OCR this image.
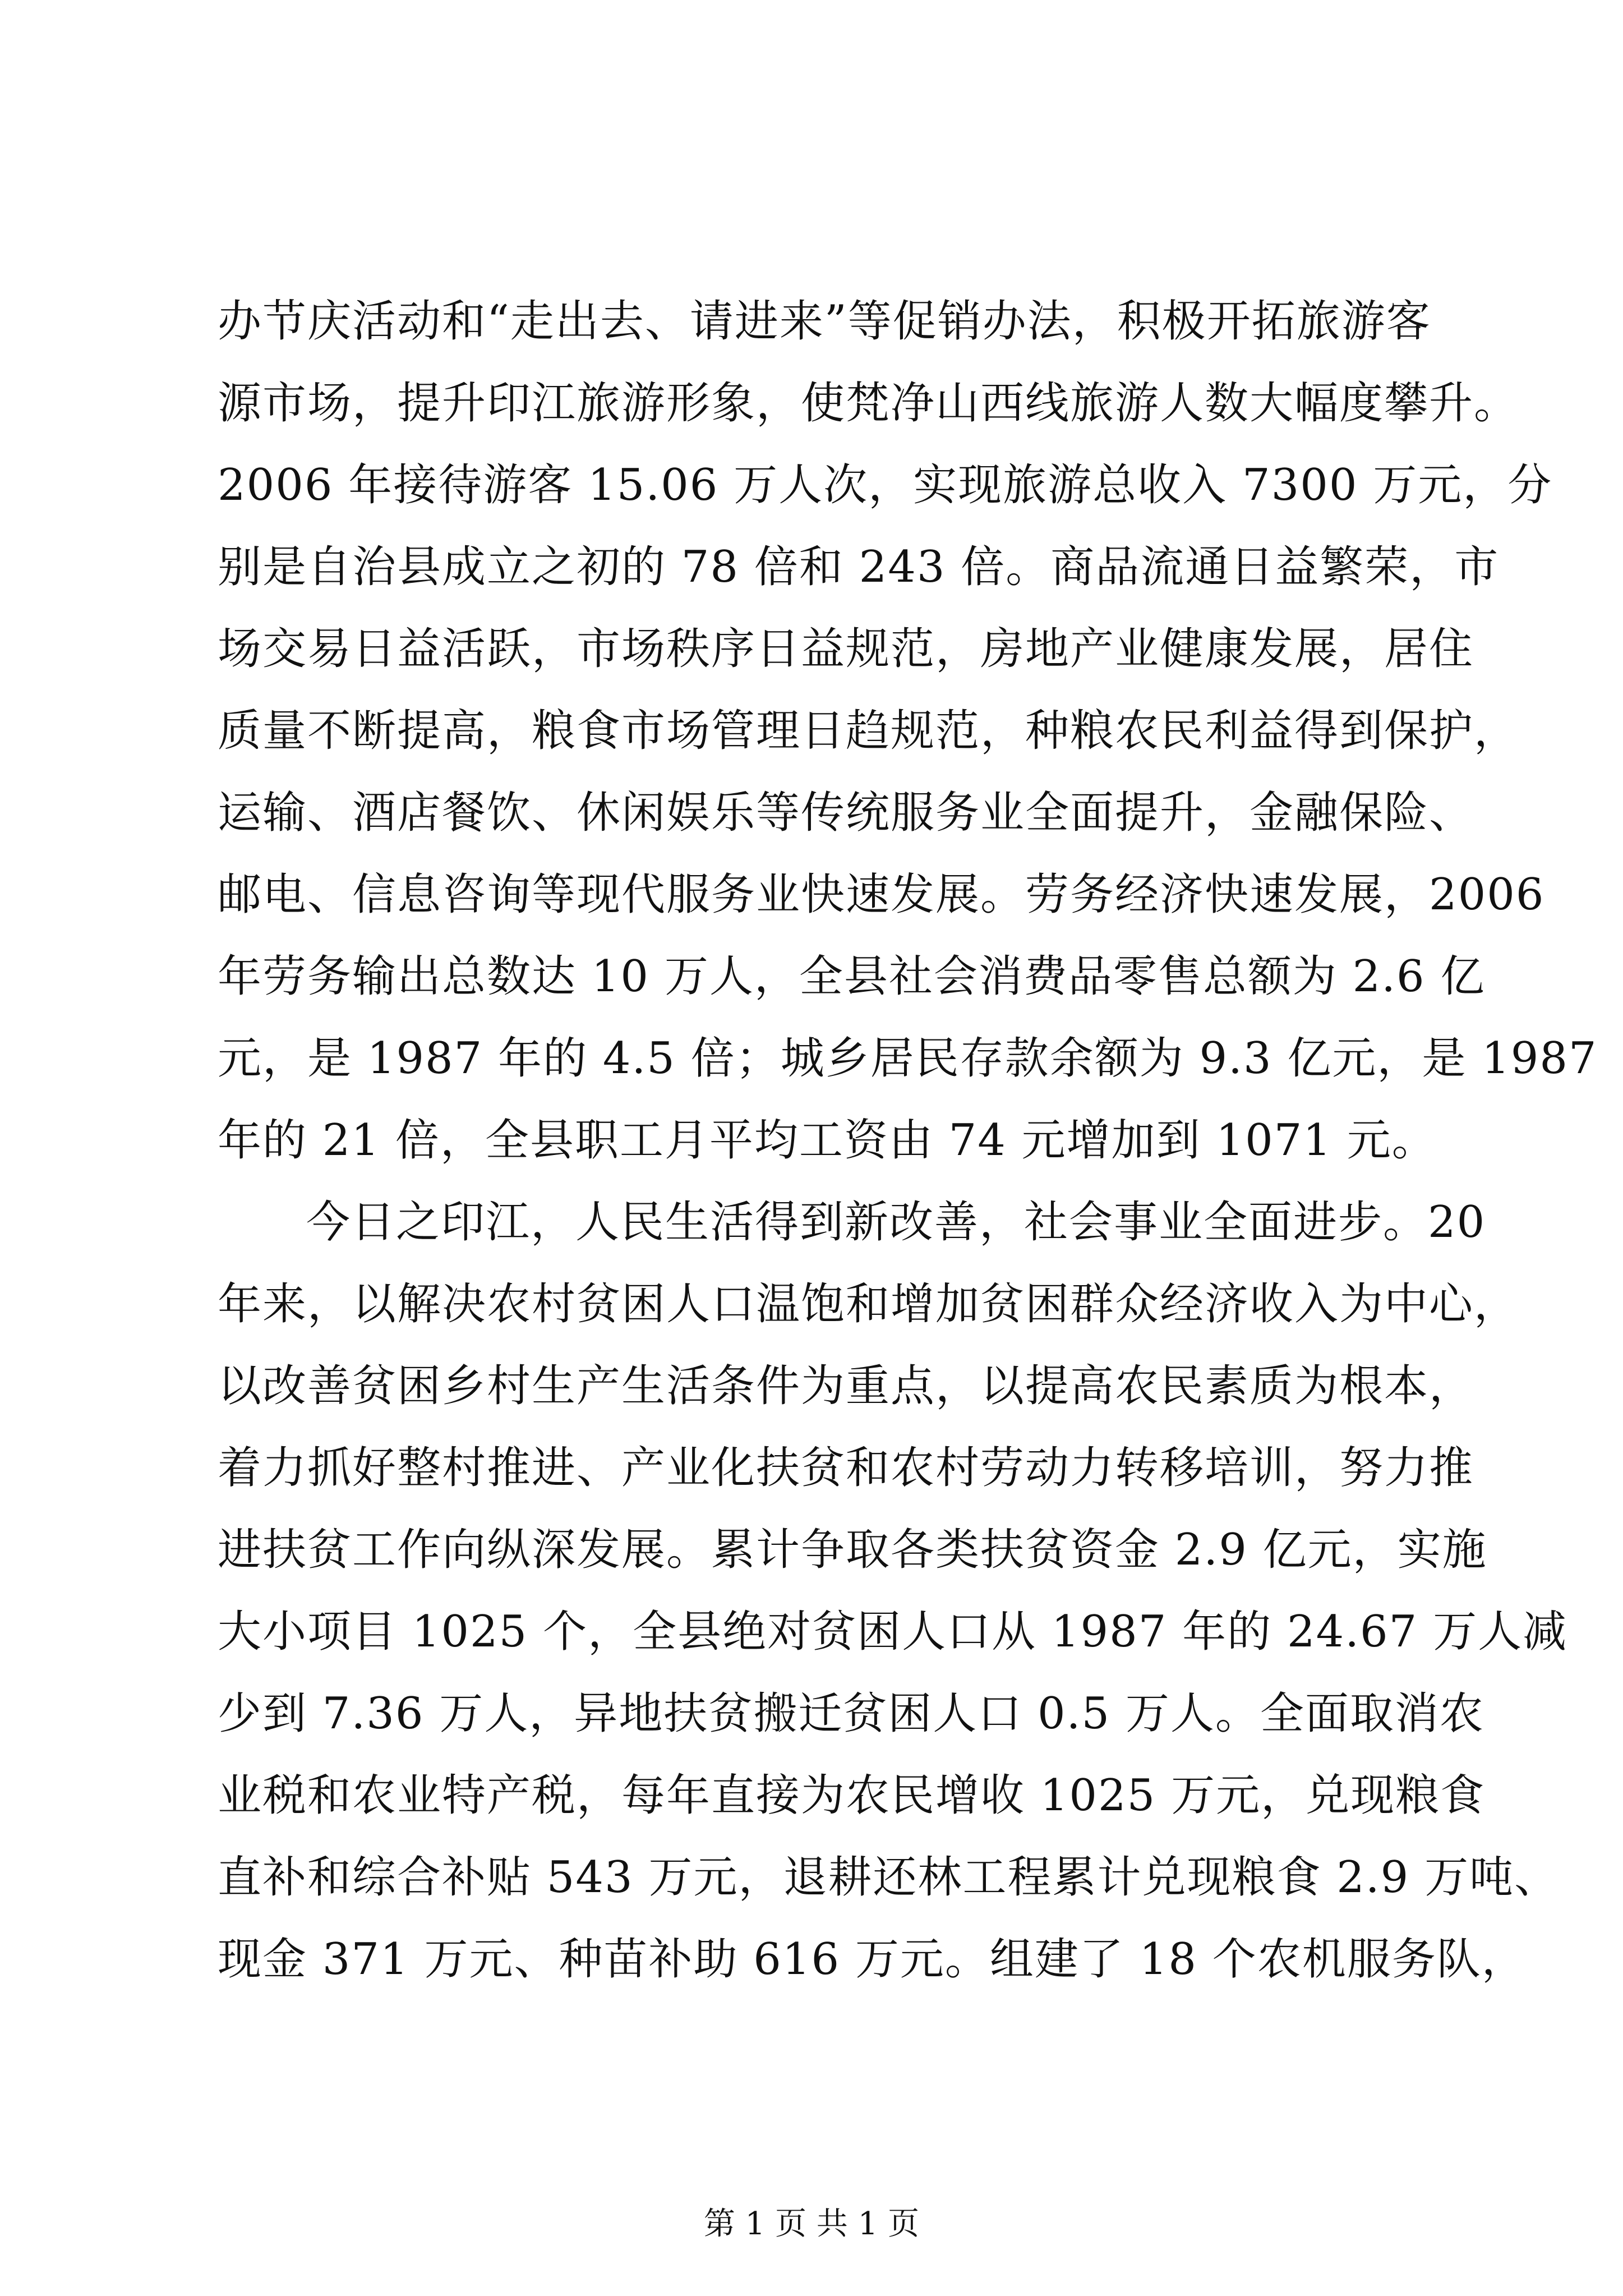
办节庆活动和“走出去、请进来”等促销办法，积极开拓旅游客
源市场，提升印江旅游形象，使梵净山西线旅游人数大幅度攀升。
2006 年接待游客 15.06 万人次，实现旅游总收入 7300 万元，分
别是自治县成立之初的 78 倍和 243 倍。商品流通日益繁荣，市
场交易日益活跃，市场秩序日益规范，房地产业健康发展，居住
质量不断提高，粮食市场管理日趋规范，种粮农民利益得到保护，
运输、酒店餐饮、休闲娱乐等传统服务业全面提升，金融保险、
邮电、信息咨询等现代服务业快速发展。劳务经济快速发展，2006
年劳务输出总数达 10 万人，全县社会消费品零售总额为 2.6 亿
元，是 1987 年的 4.5 倍；城乡居民存款余额为 9.3 亿元，是 1987
年的 21 倍，全县职工月平均工资由 74 元增加到 1071 元。
今日之印江，人民生活得到新改善，社会事业全面进步。20
年来，以解决农村贫困人口温饱和增加贫困群众经济收入为中心，
以改善贫困乡村生产生活条件为重点，以提高农民素质为根本，
着力抓好整村推进、产业化扶贫和农村劳动力转移培训，努力推
进扶贫工作向纵深发展。累计争取各类扶贫资金 2.9 亿元，实施
大小项目 1025 个，全县绝对贫困人口从 1987 年的 24.67 万人减
少到 7.36 万人，异地扶贫搬迁贫困人口 0.5 万人。全面取消农
业税和农业特产税，每年直接为农民增收 1025 万元，兑现粮食
直补和综合补贴 543 万元，退耕还林工程累计兑现粮食 2.9 万吨、
现金 371 万元、种苗补助 616 万元。组建了 18 个农机服务队，
第 1 页 共 1 页
